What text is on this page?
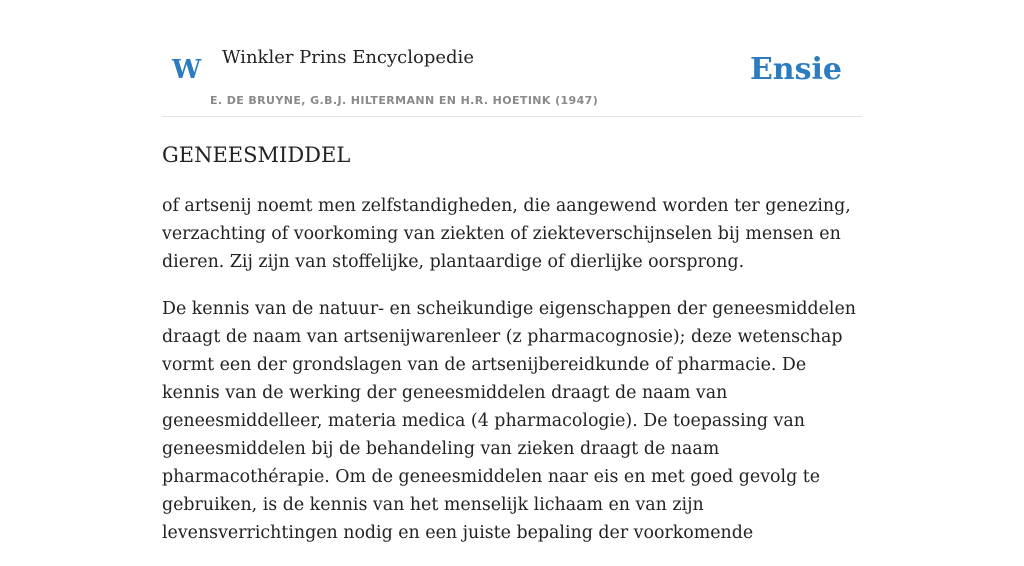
W Winkler Prins Encyclopedie
E. DE BRUYNE, G.B.J. HILTERMANN EN H.R. HOETINK (1947)
Ensie
GENEESMIDDEL

of artsenij noemt men zelfstandigheden, die aangewend worden ter genezing, verzachting of voorkoming van ziekten of ziekteverschijnselen bij mensen en dieren. Zij zijn van stoffelijke, plantaardige of dierlijke oorsprong.

De kennis van de natuur- en scheikundige eigenschappen der geneesmiddelen draagt de naam van artsenijwarenleer (z pharmacognosie); deze wetenschap vormt een der grondslagen van de artsenijbereidkunde of pharmacie. De kennis van de werking der geneesmiddelen draagt de naam van geneesmiddelleer, materia medica (4 pharmacologie). De toepassing van geneesmiddelen bij de behandeling van zieken draagt de naam pharmacothérapie. Om de geneesmiddelen naar eis en met goed gevolg te gebruiken, is de kennis van het menselijk lichaam en van zijn levensverrichtingen nodig en een juiste bepaling der voorkomende
